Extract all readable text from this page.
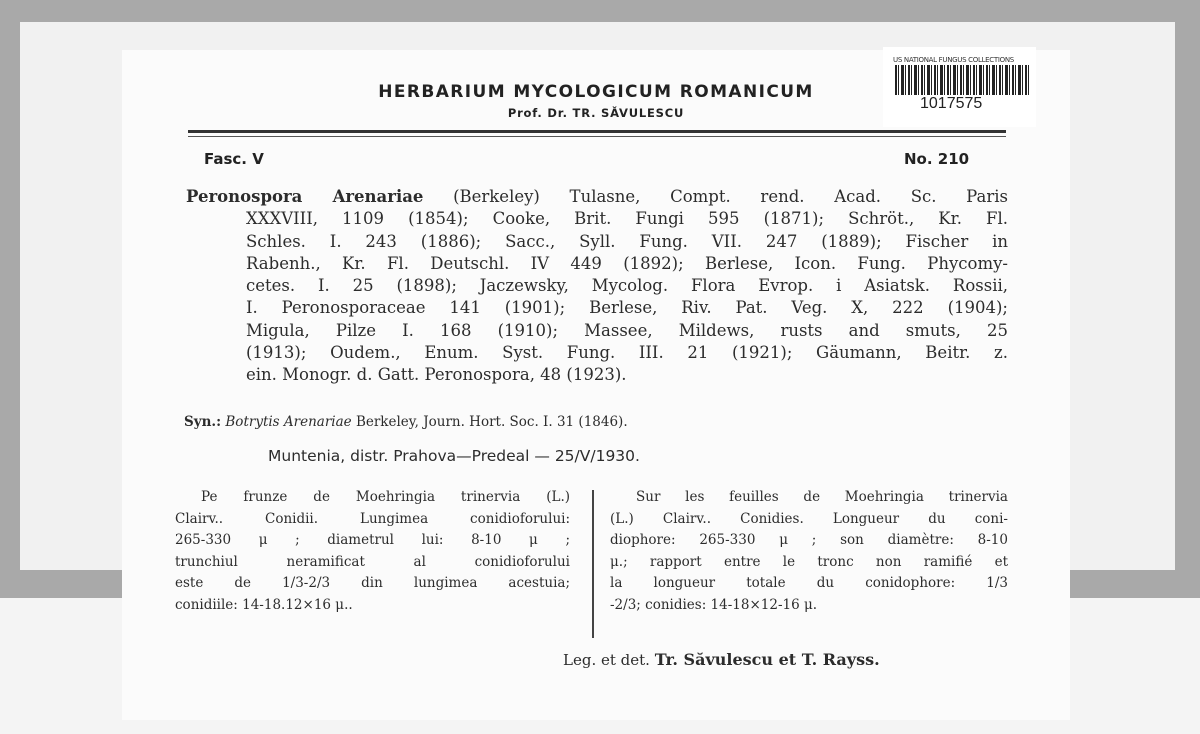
US NATIONAL FUNGUS COLLECTIONS
1017575
HERBARIUM MYCOLOGICUM ROMANICUM
Prof. Dr. TR. SĂVULESCU
Fasc. V	No. 210
Peronospora Arenariae (Berkeley) Tulasne, Compt. rend. Acad. Sc. Paris
XXXVIII, 1109 (1854); Cooke, Brit. Fungi 595 (1871); Schröt., Kr. Fl.
Schles. I. 243 (1886); Sacc., Syll. Fung. VII. 247 (1889); Fischer in
Rabenh., Kr. Fl. Deutschl. IV 449 (1892); Berlese, Icon. Fung. Phycomy-
cetes. I. 25 (1898); Jaczewsky, Mycolog. Flora Evrop. i Asiatsk. Rossii,
I. Peronosporaceae 141 (1901); Berlese, Riv. Pat. Veg. X, 222 (1904);
Migula, Pilze I. 168 (1910); Massee, Mildews, rusts and smuts, 25
(1913); Oudem., Enum. Syst. Fung. III. 21 (1921); Gäumann, Beitr. z.
ein. Monogr. d. Gatt. Peronospora, 48 (1923).
Syn.: Botrytis Arenariae Berkeley, Journ. Hort. Soc. I. 31 (1846).
Muntenia, distr. Prahova—Predeal — 25/V/1930.
Pe frunze de Moehringia trinervia (L.)
Clairv.. Conidii. Lungimea conidioforului:
265-330 μ ; diametrul lui: 8-10 μ ;
trunchiul neramificat al conidioforului
este de 1/3-2/3 din lungimea acestuia;
conidiile: 14-18.12×16 μ..
Sur les feuilles de Moehringia trinervia
(L.) Clairv.. Conidies. Longueur du coni-
diophore: 265-330 μ ; son diamètre: 8-10
μ.; rapport entre le tronc non ramifié et
la longueur totale du conidophore: 1/3
-2/3; conidies: 14-18×12-16 μ.
Leg. et det. Tr. Săvulescu et T. Rayss.
